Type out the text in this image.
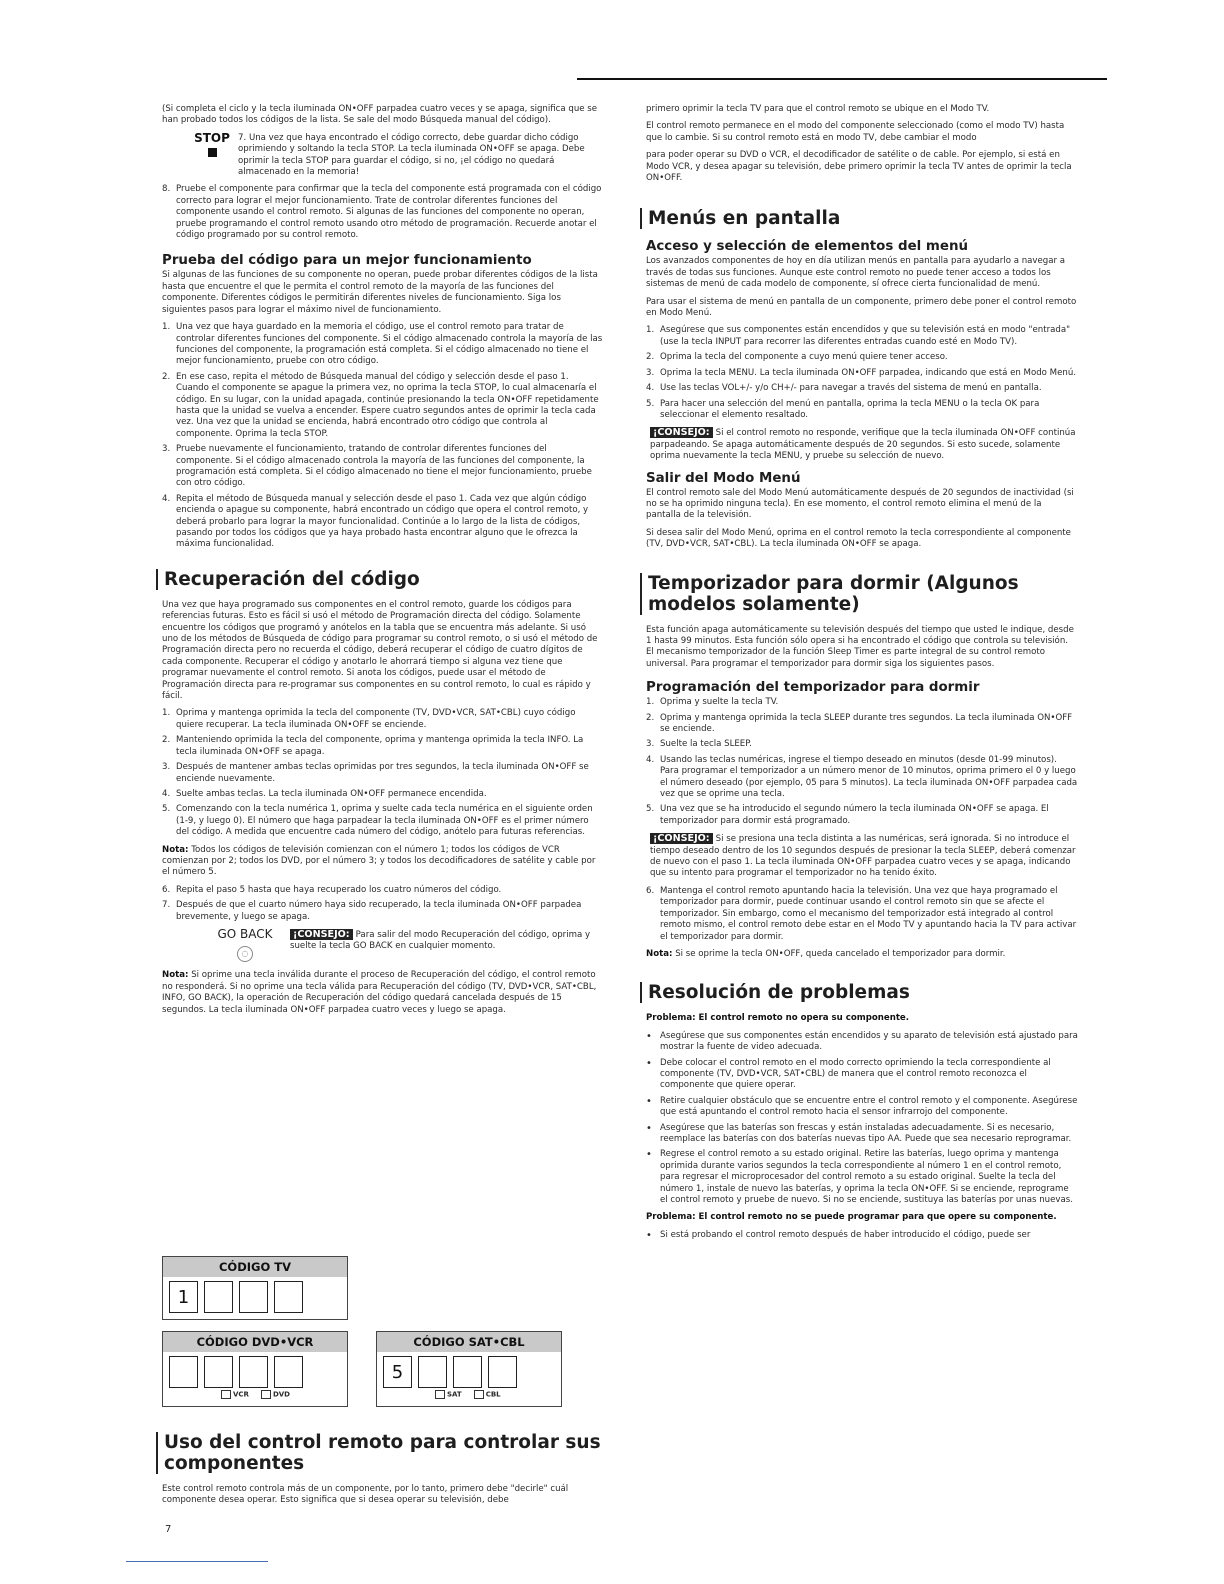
(Si completa el ciclo y la tecla iluminada ON•OFF parpadea cuatro veces y se apaga, significa que se han probado todos los códigos de la lista. Se sale del modo Búsqueda manual del código).

STOP 7. Una vez que haya encontrado el código correcto, debe guardar dicho código oprimiendo y soltando la tecla STOP. La tecla iluminada ON•OFF se apaga. Debe oprimir la tecla STOP para guardar el código, si no, ¡el código no quedará almacenado en la memoria!
8. Pruebe el componente para confirmar que la tecla del componente está programada con el código correcto para lograr el mejor funcionamiento. Trate de controlar diferentes funciones del componente usando el control remoto. Si algunas de las funciones del componente no operan, pruebe programando el control remoto usando otro método de programación. Recuerde anotar el código programado por su control remoto.
Prueba del código para un mejor funcionamiento

Si algunas de las funciones de su componente no operan, puede probar diferentes códigos de la lista hasta que encuentre el que le permita el control remoto de la mayoría de las funciones del componente. Diferentes códigos le permitirán diferentes niveles de funcionamiento. Siga los siguientes pasos para lograr el máximo nivel de funcionamiento.

1. Una vez que haya guardado en la memoria el código, use el control remoto para tratar de controlar diferentes funciones del componente. Si el código almacenado controla la mayoría de las funciones del componente, la programación está completa. Si el código almacenado no tiene el mejor funcionamiento, pruebe con otro código.
2. En ese caso, repita el método de Búsqueda manual del código y selección desde el paso 1. Cuando el componente se apague la primera vez, no oprima la tecla STOP, lo cual almacenaría el código. En su lugar, con la unidad apagada, continúe presionando la tecla ON•OFF repetidamente hasta que la unidad se vuelva a encender. Espere cuatro segundos antes de oprimir la tecla cada vez. Una vez que la unidad se encienda, habrá encontrado otro código que controla al componente. Oprima la tecla STOP.
3. Pruebe nuevamente el funcionamiento, tratando de controlar diferentes funciones del componente. Si el código almacenado controla la mayoría de las funciones del componente, la programación está completa. Si el código almacenado no tiene el mejor funcionamiento, pruebe con otro código.
4. Repita el método de Búsqueda manual y selección desde el paso 1. Cada vez que algún código encienda o apague su componente, habrá encontrado un código que opera el control remoto, y deberá probarlo para lograr la mayor funcionalidad. Continúe a lo largo de la lista de códigos, pasando por todos los códigos que ya haya probado hasta encontrar alguno que le ofrezca la máxima funcionalidad.
Recuperación del código

Una vez que haya programado sus componentes en el control remoto, guarde los códigos para referencias futuras. Esto es fácil si usó el método de Programación directa del código. Solamente encuentre los códigos que programó y anótelos en la tabla que se encuentra más adelante. Si usó uno de los métodos de Búsqueda de código para programar su control remoto, o si usó el método de Programación directa pero no recuerda el código, deberá recuperar el código de cuatro dígitos de cada componente. Recuperar el código y anotarlo le ahorrará tiempo si alguna vez tiene que programar nuevamente el control remoto. Si anota los códigos, puede usar el método de Programación directa para re-programar sus componentes en su control remoto, lo cual es rápido y fácil.

1. Oprima y mantenga oprimida la tecla del componente (TV, DVD•VCR, SAT•CBL) cuyo código quiere recuperar. La tecla iluminada ON•OFF se enciende.
2. Manteniendo oprimida la tecla del componente, oprima y mantenga oprimida la tecla INFO. La tecla iluminada ON•OFF se apaga.
3. Después de mantener ambas teclas oprimidas por tres segundos, la tecla iluminada ON•OFF se enciende nuevamente.
4. Suelte ambas teclas. La tecla iluminada ON•OFF permanece encendida.
5. Comenzando con la tecla numérica 1, oprima y suelte cada tecla numérica en el siguiente orden (1-9, y luego 0). El número que haga parpadear la tecla iluminada ON•OFF es el primer número del código. A medida que encuentre cada número del código, anótelo para futuras referencias.

Nota: Todos los códigos de televisión comienzan con el número 1; todos los códigos de VCR comienzan por 2; todos los DVD, por el número 3; y todos los decodificadores de satélite y cable por el número 5.

6. Repita el paso 5 hasta que haya recuperado los cuatro números del código.
7. Después de que el cuarto número haya sido recuperado, la tecla iluminada ON•OFF parpadea brevemente, y luego se apaga.
GO BACK
◌
¡CONSEJO: Para salir del modo Recuperación del código, oprima y suelte la tecla GO BACK en cualquier momento.

Nota: Si oprime una tecla inválida durante el proceso de Recuperación del código, el control remoto no responderá. Si no oprime una tecla válida para Recuperación del código (TV, DVD•VCR, SAT•CBL, INFO, GO BACK), la operación de Recuperación del código quedará cancelada después de 15 segundos. La tecla iluminada ON•OFF parpadea cuatro veces y luego se apaga.

CÓDIGO TV
1
CÓDIGO DVD•VCR
VCR	DVD
CÓDIGO SAT•CBL
5
SAT	CBL
Uso del control remoto para controlar sus componentes

Este control remoto controla más de un componente, por lo tanto, primero debe "decirle" cuál componente desea operar. Esto significa que si desea operar su televisión, debe

7

primero oprimir la tecla TV para que el control remoto se ubique en el Modo TV.

El control remoto permanece en el modo del componente seleccionado (como el modo TV) hasta que lo cambie. Si su control remoto está en modo TV, debe cambiar el modo

para poder operar su DVD o VCR, el decodificador de satélite o de cable. Por ejemplo, si está en Modo VCR, y desea apagar su televisión, debe primero oprimir la tecla TV antes de oprimir la tecla ON•OFF.

Menús en pantalla
Acceso y selección de elementos del menú

Los avanzados componentes de hoy en día utilizan menús en pantalla para ayudarlo a navegar a través de todas sus funciones. Aunque este control remoto no puede tener acceso a todos los sistemas de menú de cada modelo de componente, sí ofrece cierta funcionalidad de menú.

Para usar el sistema de menú en pantalla de un componente, primero debe poner el control remoto en Modo Menú.

1. Asegúrese que sus componentes están encendidos y que su televisión está en modo "entrada" (use la tecla INPUT para recorrer las diferentes entradas cuando esté en Modo TV).
2. Oprima la tecla del componente a cuyo menú quiere tener acceso.
3. Oprima la tecla MENU. La tecla iluminada ON•OFF parpadea, indicando que está en Modo Menú.
4. Use las teclas VOL+/- y/o CH+/- para navegar a través del sistema de menú en pantalla.
5. Para hacer una selección del menú en pantalla, oprima la tecla MENU o la tecla OK para seleccionar el elemento resaltado.

¡CONSEJO: Si el control remoto no responde, verifique que la tecla iluminada ON•OFF continúa parpadeando. Se apaga automáticamente después de 20 segundos. Si esto sucede, solamente oprima nuevamente la tecla MENU, y pruebe su selección de nuevo.

Salir del Modo Menú

El control remoto sale del Modo Menú automáticamente después de 20 segundos de inactividad (si no se ha oprimido ninguna tecla). En ese momento, el control remoto elimina el menú de la pantalla de la televisión.

Si desea salir del Modo Menú, oprima en el control remoto la tecla correspondiente al componente (TV, DVD•VCR, SAT•CBL). La tecla iluminada ON•OFF se apaga.

Temporizador para dormir (Algunos modelos solamente)

Esta función apaga automáticamente su televisión después del tiempo que usted le indique, desde 1 hasta 99 minutos. Esta función sólo opera si ha encontrado el código que controla su televisión. El mecanismo temporizador de la función Sleep Timer es parte integral de su control remoto universal. Para programar el temporizador para dormir siga los siguientes pasos.

Programación del temporizador para dormir
1. Oprima y suelte la tecla TV.
2. Oprima y mantenga oprimida la tecla SLEEP durante tres segundos. La tecla iluminada ON•OFF se enciende.
3. Suelte la tecla SLEEP.
4. Usando las teclas numéricas, ingrese el tiempo deseado en minutos (desde 01-99 minutos). Para programar el temporizador a un número menor de 10 minutos, oprima primero el 0 y luego el número deseado (por ejemplo, 05 para 5 minutos). La tecla iluminada ON•OFF parpadea cada vez que se oprime una tecla.
5. Una vez que se ha introducido el segundo número la tecla iluminada ON•OFF se apaga. El temporizador para dormir está programado.

¡CONSEJO: Si se presiona una tecla distinta a las numéricas, será ignorada. Si no introduce el tiempo deseado dentro de los 10 segundos después de presionar la tecla SLEEP, deberá comenzar de nuevo con el paso 1. La tecla iluminada ON•OFF parpadea cuatro veces y se apaga, indicando que su intento para programar el temporizador no ha tenido éxito.

6. Mantenga el control remoto apuntando hacia la televisión. Una vez que haya programado el temporizador para dormir, puede continuar usando el control remoto sin que se afecte el temporizador. Sin embargo, como el mecanismo del temporizador está integrado al control remoto mismo, el control remoto debe estar en el Modo TV y apuntando hacia la TV para activar el temporizador para dormir.

Nota: Si se oprime la tecla ON•OFF, queda cancelado el temporizador para dormir.

Resolución de problemas

Problema: El control remoto no opera su componente.

• Asegúrese que sus componentes están encendidos y su aparato de televisión está ajustado para mostrar la fuente de video adecuada.
• Debe colocar el control remoto en el modo correcto oprimiendo la tecla correspondiente al componente (TV, DVD•VCR, SAT•CBL) de manera que el control remoto reconozca el componente que quiere operar.
• Retire cualquier obstáculo que se encuentre entre el control remoto y el componente. Asegúrese que está apuntando el control remoto hacia el sensor infrarrojo del componente.
• Asegúrese que las baterías son frescas y están instaladas adecuadamente. Si es necesario, reemplace las baterías con dos baterías nuevas tipo AA. Puede que sea necesario reprogramar.
• Regrese el control remoto a su estado original. Retire las baterías, luego oprima y mantenga oprimida durante varios segundos la tecla correspondiente al número 1 en el control remoto, para regresar el microprocesador del control remoto a su estado original. Suelte la tecla del número 1, instale de nuevo las baterías, y oprima la tecla ON•OFF. Si se enciende, reprograme el control remoto y pruebe de nuevo. Si no se enciende, sustituya las baterías por unas nuevas.

Problema: El control remoto no se puede programar para que opere su componente.

• Si está probando el control remoto después de haber introducido el código, puede ser
